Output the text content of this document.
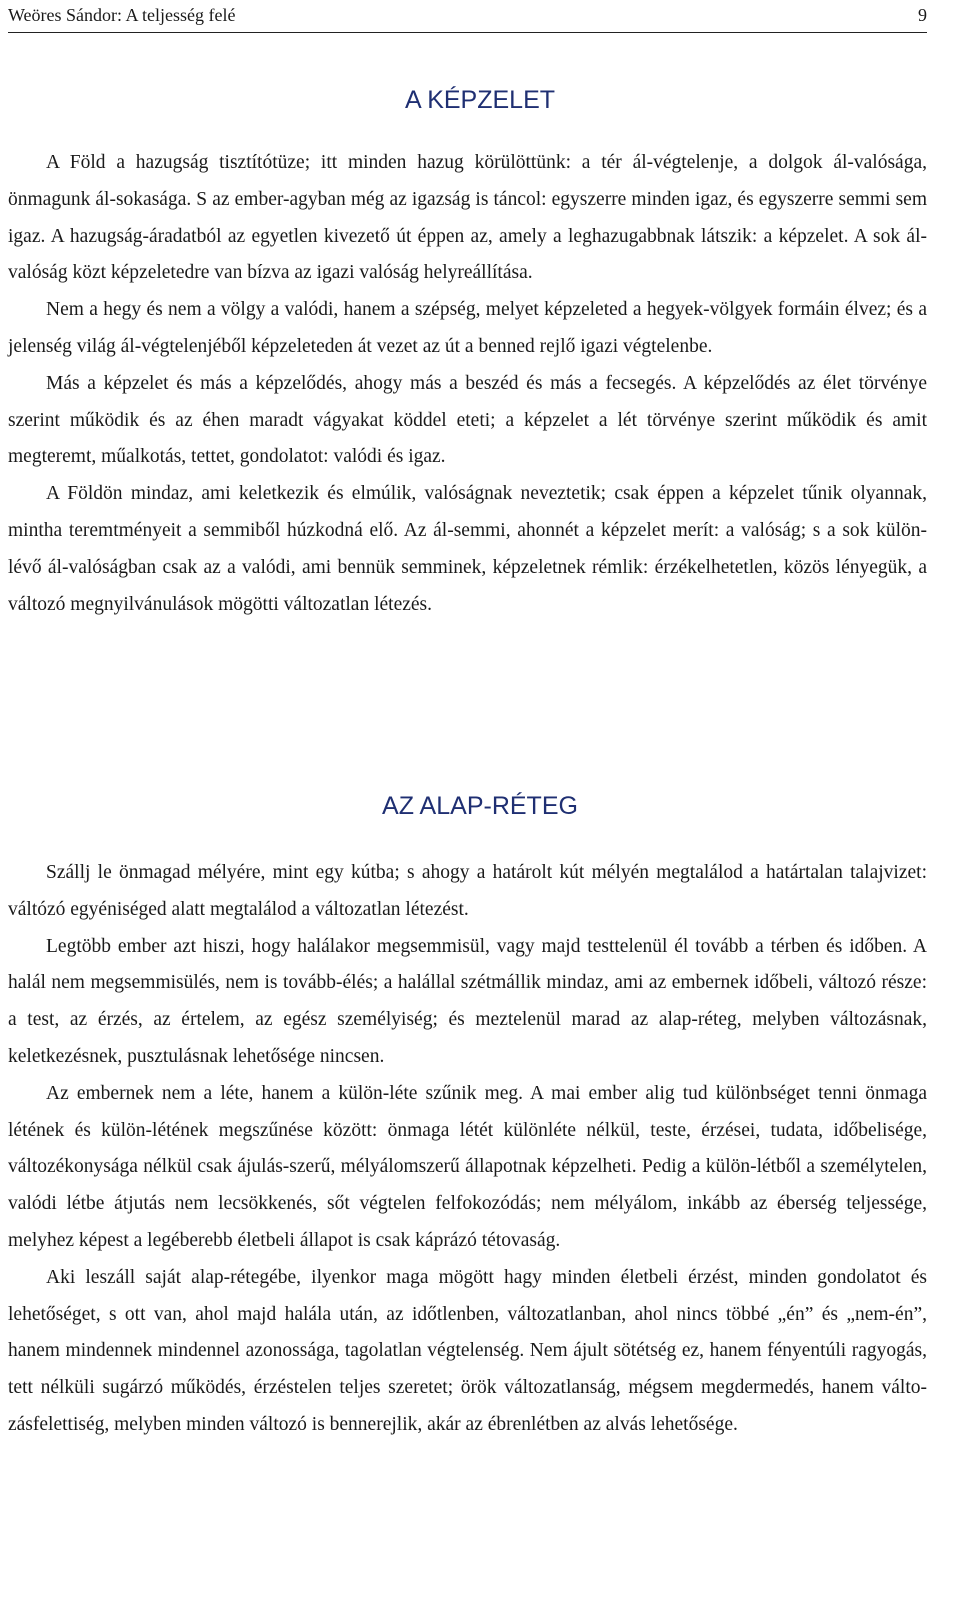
Weöres Sándor: A teljesség felé	9
A KÉPZELET

A Föld a hazugság tisztítótüze; itt minden hazug körülöttünk: a tér ál-végtelenje, a dolgok ál-valósága, önmagunk ál-sokasága. S az ember-agyban még az igazság is táncol: egyszerre minden igaz, és egyszerre semmi sem igaz. A hazugság-áradatból az egyetlen kivezető út éppen az, amely a leghazugabbnak látszik: a képzelet. A sok ál-valóság közt képzeletedre van bízva az igazi valóság helyreállítása.

Nem a hegy és nem a völgy a valódi, hanem a szépség, melyet képzeleted a hegyek-völgyek formáin élvez; és a jelenség világ ál-végtelenjéből képzeleteden át vezet az út a benned rejlő igazi végtelenbe.

Más a képzelet és más a képzelődés, ahogy más a beszéd és más a fecsegés. A képzelődés az élet törvénye szerint működik és az éhen maradt vágyakat köddel eteti; a képzelet a lét törvénye szerint működik és amit megteremt, műalkotás, tettet, gondolatot: valódi és igaz.

A Földön mindaz, ami keletkezik és elmúlik, valóságnak neveztetik; csak éppen a képzelet tűnik olyannak, mintha teremtményeit a semmiből húzkodná elő. Az ál-semmi, ahonnét a képzelet merít: a valóság; s a sok külön-lévő ál-valóságban csak az a valódi, ami bennük semminek, képzeletnek rémlik: érzékelhetetlen, közös lényegük, a változó megnyilvánulások mögötti változatlan létezés.

AZ ALAP-RÉTEG

Szállj le önmagad mélyére, mint egy kútba; s ahogy a határolt kút mélyén megtalálod a határtalan talajvizet: váltózó egyéniséged alatt megtalálod a változatlan létezést.

Legtöbb ember azt hiszi, hogy halálakor megsemmisül, vagy majd testtelenül él tovább a térben és időben. A halál nem megsemmisülés, nem is tovább-élés; a halállal szétmállik mindaz, ami az embernek időbeli, változó része: a test, az érzés, az értelem, az egész személyiség; és meztelenül marad az alap-réteg, melyben változásnak, keletkezésnek, pusztulásnak lehetősége nincsen.

Az embernek nem a léte, hanem a külön-léte szűnik meg. A mai ember alig tud különbséget tenni önmaga létének és külön-létének megszűnése között: önmaga létét különléte nélkül, teste, érzései, tudata, időbelisége, változékonysága nélkül csak ájulás-szerű, mélyálomszerű állapotnak képzelheti. Pedig a külön-létből a személytelen, valódi létbe átjutás nem lecsökkenés, sőt végtelen felfokozódás; nem mélyálom, inkább az éberség teljessége, melyhez képest a legéberebb életbeli állapot is csak káprázó tétovaság.

Aki leszáll saját alap-rétegébe, ilyenkor maga mögött hagy minden életbeli érzést, minden gondolatot és lehetőséget, s ott van, ahol majd halála után, az időtlenben, változatlanban, ahol nincs többé „én” és „nem-én”, hanem mindennek mindennel azonossága, tagolatlan végtelenség. Nem ájult sötétség ez, hanem fényentúli ragyogás, tett nélküli sugárzó működés, érzéstelen teljes szeretet; örök változatlanság, mégsem megdermedés, hanem változásfelettiség, melyben minden változó is bennerejlik, akár az ébrenlétben az alvás lehetősége.
